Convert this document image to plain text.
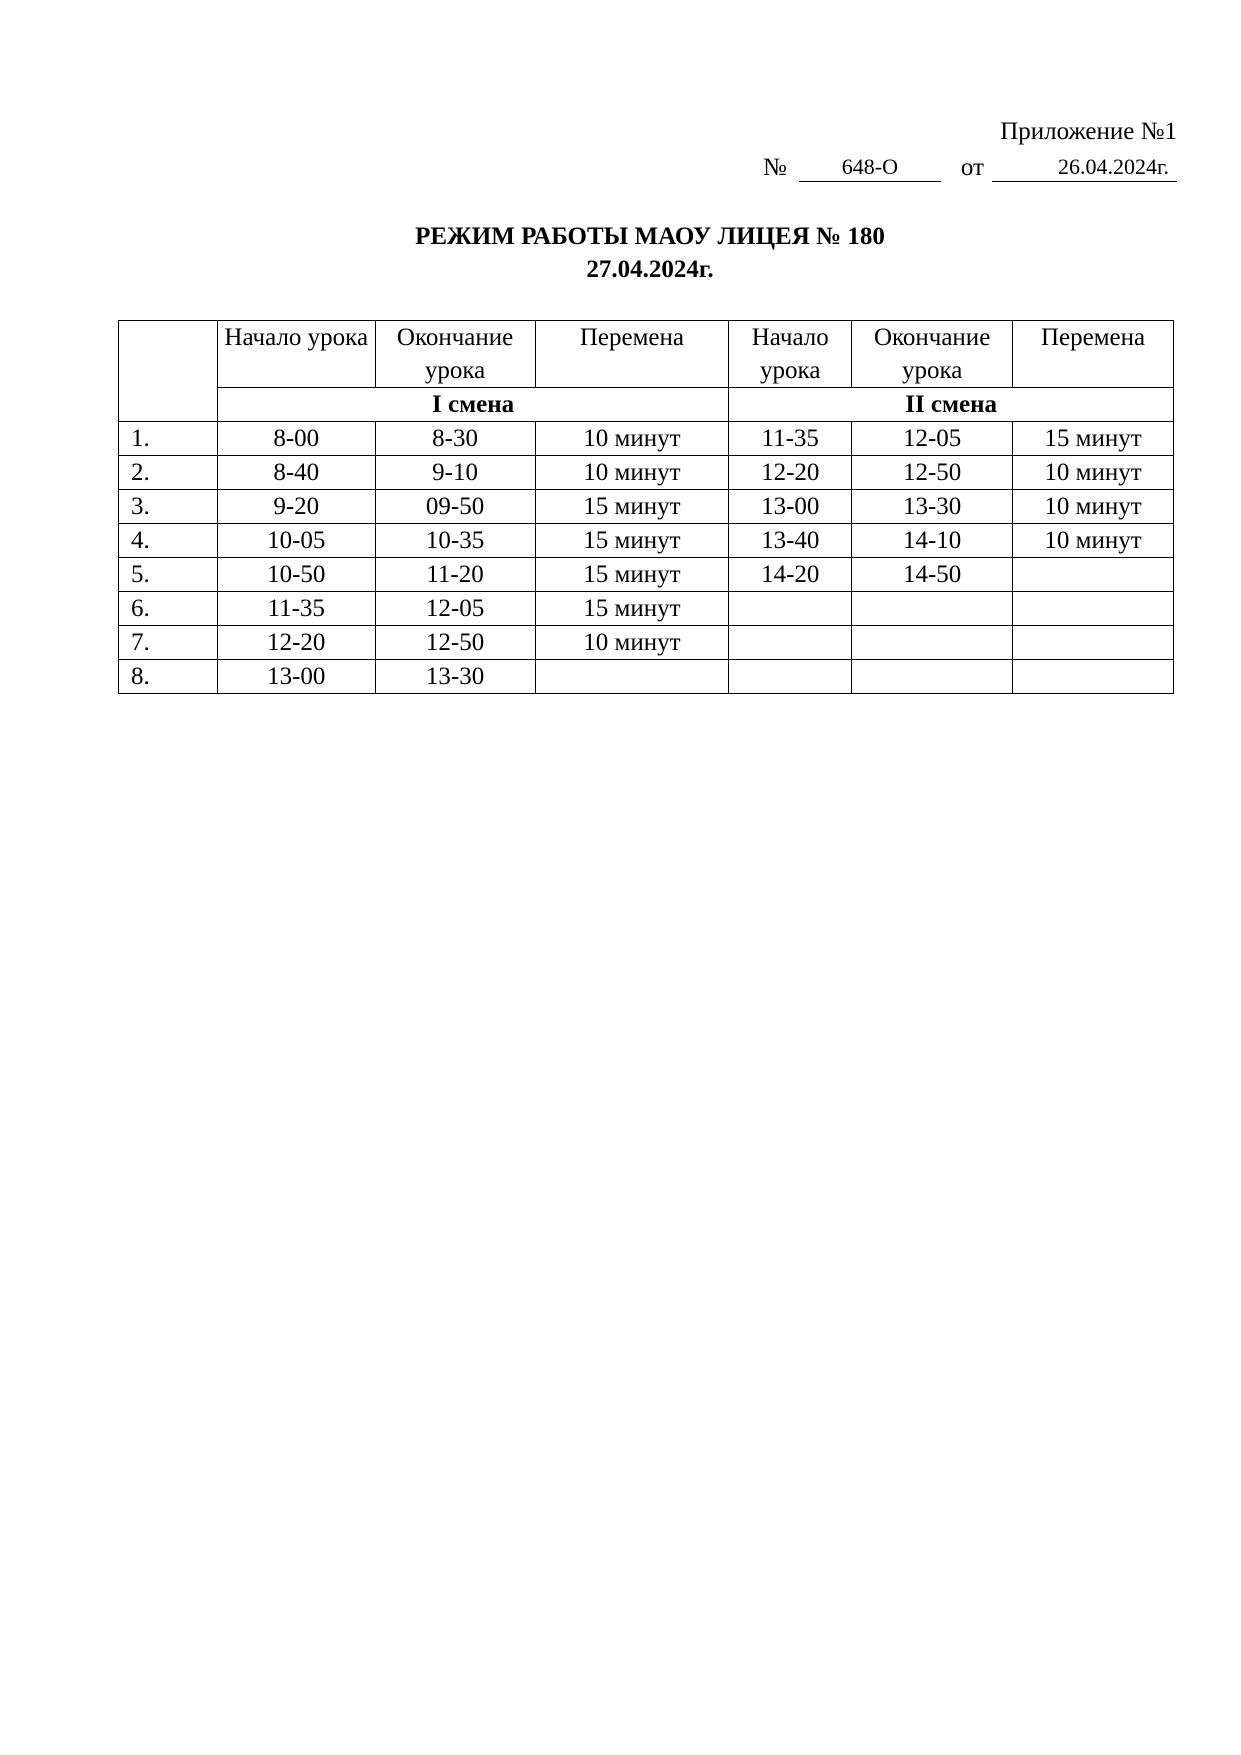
Приложение №1
№	648-О	от	26.04.2024г.
РЕЖИМ РАБОТЫ МАОУ ЛИЦЕЯ № 180
27.04.2024г.
	Начало урока	Окончание урока	Перемена	Начало урока	Окончание урока	Перемена
	I смена			II смена		
1.	8-00	8-30	10 минут	11-35	12-05	15 минут
2.	8-40	9-10	10 минут	12-20	12-50	10 минут
3.	9-20	09-50	15 минут	13-00	13-30	10 минут
4.	10-05	10-35	15 минут	13-40	14-10	10 минут
5.	10-50	11-20	15 минут	14-20	14-50	
6.	11-35	12-05	15 минут			
7.	12-20	12-50	10 минут			
8.	13-00	13-30				
